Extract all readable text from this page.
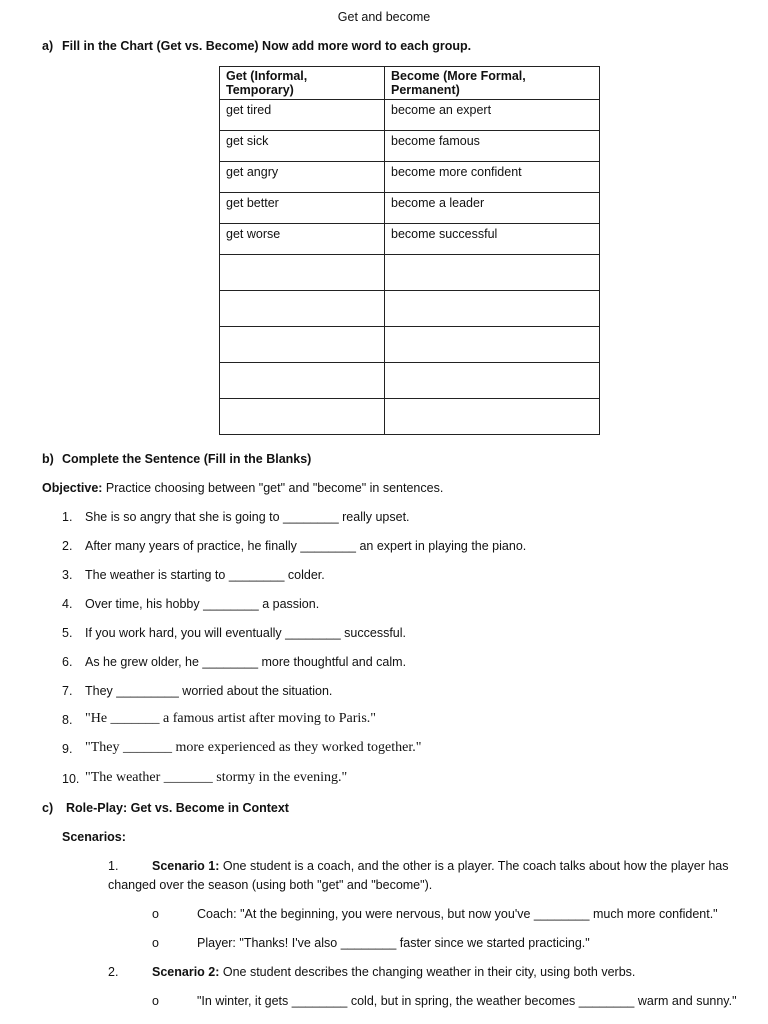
Get and become
a) Fill in the Chart (Get vs. Become) Now add more word to each group.
Get (Informal, Temporary)	Become (More Formal, Permanent)
get tired	become an expert
get sick	become famous
get angry	become more confident
get better	become a leader
get worse	become successful

b) Complete the Sentence (Fill in the Blanks)
Objective: Practice choosing between "get" and "become" in sentences.
1. She is so angry that she is going to ________ really upset.
2. After many years of practice, he finally ________ an expert in playing the piano.
3. The weather is starting to ________ colder.
4. Over time, his hobby ________ a passion.
5. If you work hard, you will eventually ________ successful.
6. As he grew older, he ________ more thoughtful and calm.
7. They _________ worried about the situation.
8. "He _______ a famous artist after moving to Paris."
9. "They _______ more experienced as they worked together."
10. "The weather _______ stormy in the evening."
c) Role-Play: Get vs. Become in Context
Scenarios:
1.	Scenario 1: One student is a coach, and the other is a player. The coach talks about how the player has
changed over the season (using both "get" and "become").
o	Coach: "At the beginning, you were nervous, but now you've ________ much more confident."
o	Player: "Thanks! I've also ________ faster since we started practicing."
2.	Scenario 2: One student describes the changing weather in their city, using both verbs.
o	"In winter, it gets ________ cold, but in spring, the weather becomes ________ warm and sunny."
